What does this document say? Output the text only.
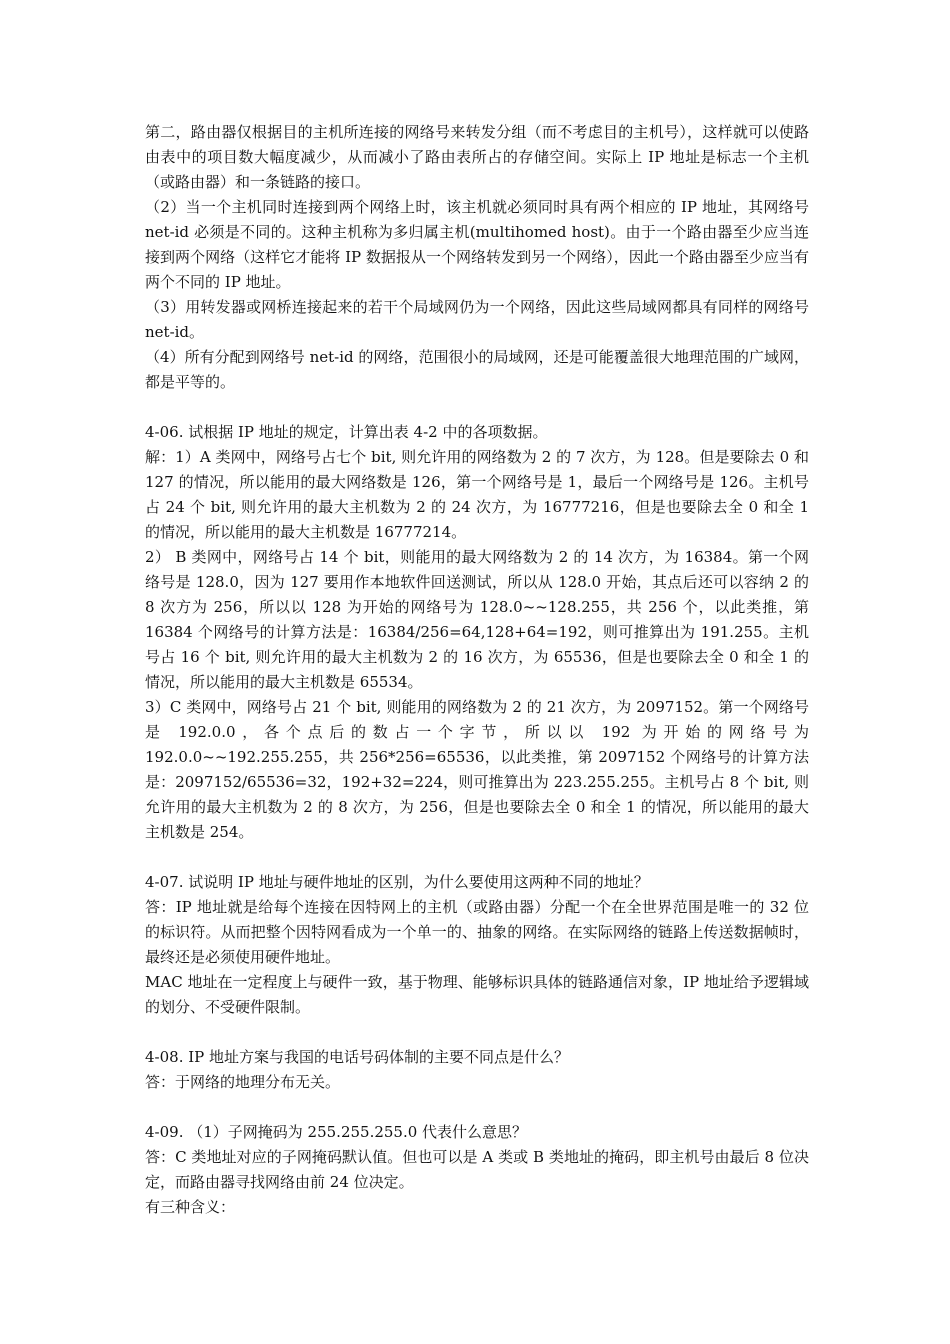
第二，路由器仅根据目的主机所连接的网络号来转发分组（而不考虑目的主机号），这样就可以使路由表中的项目数大幅度减少，从而减小了路由表所占的存储空间。实际上 IP 地址是标志一个主机（或路由器）和一条链路的接口。

（2）当一个主机同时连接到两个网络上时，该主机就必须同时具有两个相应的 IP 地址，其网络号 net-id 必须是不同的。这种主机称为多归属主机(multihomed host)。由于一个路由器至少应当连接到两个网络（这样它才能将 IP 数据报从一个网络转发到另一个网络），因此一个路由器至少应当有两个不同的 IP 地址。

（3）用转发器或网桥连接起来的若干个局域网仍为一个网络，因此这些局域网都具有同样的网络号 net-id。

（4）所有分配到网络号 net-id 的网络，范围很小的局域网，还是可能覆盖很大地理范围的广域网，都是平等的。

4-06. 试根据 IP 地址的规定，计算出表 4-2 中的各项数据。

解：1）A 类网中，网络号占七个 bit, 则允许用的网络数为 2 的 7 次方，为 128。但是要除去 0 和 127 的情况，所以能用的最大网络数是 126，第一个网络号是 1，最后一个网络号是 126。主机号占 24 个 bit, 则允许用的最大主机数为 2 的 24 次方，为 16777216，但是也要除去全 0 和全 1 的情况，所以能用的最大主机数是 16777214。

2） B 类网中，网络号占 14 个 bit，则能用的最大网络数为 2 的 14 次方，为 16384。第一个网络号是 128.0，因为 127 要用作本地软件回送测试，所以从 128.0 开始，其点后还可以容纳 2 的 8 次方为 256，所以以 128 为开始的网络号为 128.0~~128.255，共 256 个，以此类推，第 16384 个网络号的计算方法是：16384/256=64,128+64=192，则可推算出为 191.255。主机号占 16 个 bit, 则允许用的最大主机数为 2 的 16 次方，为 65536，但是也要除去全 0 和全 1 的情况，所以能用的最大主机数是 65534。

3）C 类网中，网络号占 21 个 bit, 则能用的网络数为 2 的 21 次方，为 2097152。第一个网络号是 192.0.0，各个点后的数占一个字节，所以以 192 为开始的网络号为 192.0.0~~192.255.255，共 256*256=65536，以此类推，第 2097152 个网络号的计算方法是：2097152/65536=32，192+32=224，则可推算出为 223.255.255。主机号占 8 个 bit, 则允许用的最大主机数为 2 的 8 次方，为 256，但是也要除去全 0 和全 1 的情况，所以能用的最大主机数是 254。

4-07. 试说明 IP 地址与硬件地址的区别，为什么要使用这两种不同的地址？

答：IP 地址就是给每个连接在因特网上的主机（或路由器）分配一个在全世界范围是唯一的 32 位的标识符。从而把整个因特网看成为一个单一的、抽象的网络。在实际网络的链路上传送数据帧时，最终还是必须使用硬件地址。

MAC 地址在一定程度上与硬件一致，基于物理、能够标识具体的链路通信对象，IP 地址给予逻辑域的划分、不受硬件限制。

4-08. IP 地址方案与我国的电话号码体制的主要不同点是什么？

答：于网络的地理分布无关。

4-09. （1）子网掩码为 255.255.255.0 代表什么意思？

答：C 类地址对应的子网掩码默认值。但也可以是 A 类或 B 类地址的掩码，即主机号由最后 8 位决定，而路由器寻找网络由前 24 位决定。

有三种含义：
